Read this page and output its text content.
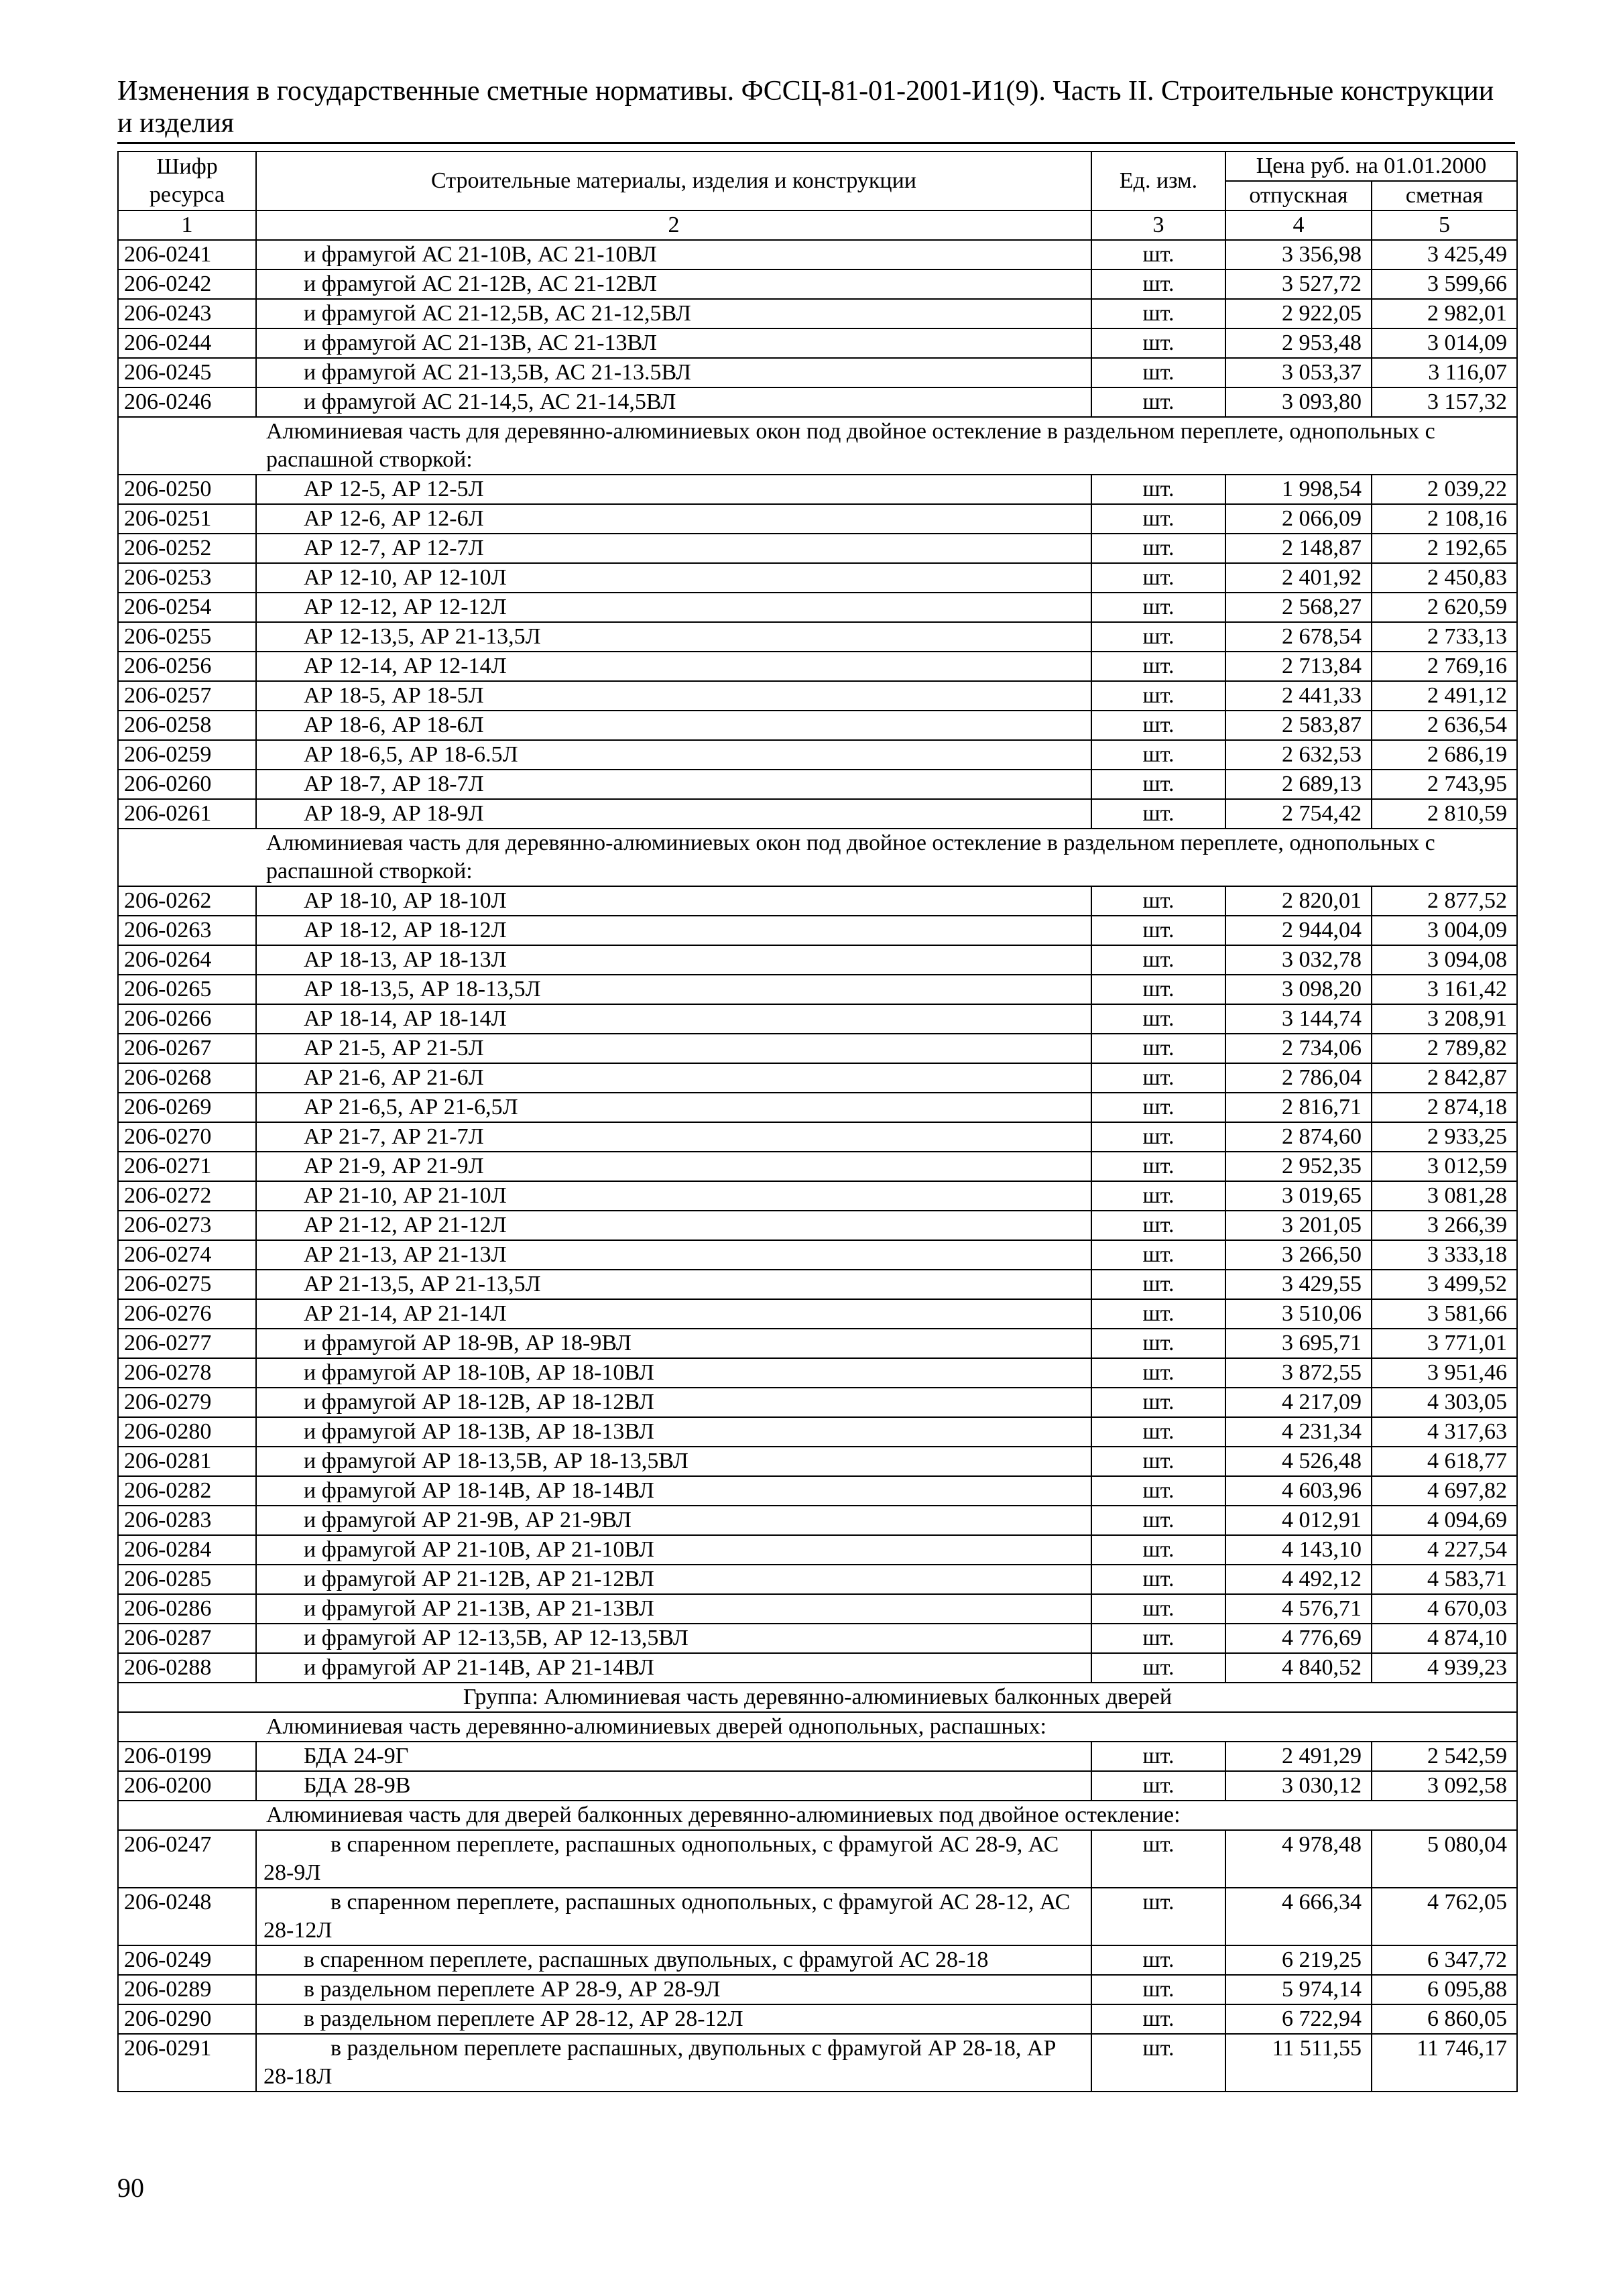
Изменения в государственные сметные нормативы. ФССЦ-81-01-2001-И1(9). Часть II. Строительные конструкции и изделия
Шифр ресурса	Строительные материалы, изделия и конструкции	Ед. изм.	Цена руб. на 01.01.2000	
			отпускная	сметная
1	2	3	4	5
206-0241	и фрамугой АС 21-10В, АС 21-10ВЛ	шт.	3 356,98	3 425,49
206-0242	и фрамугой АС 21-12В, АС 21-12ВЛ	шт.	3 527,72	3 599,66
206-0243	и фрамугой АС 21-12,5В, АС 21-12,5ВЛ	шт.	2 922,05	2 982,01
206-0244	и фрамугой АС 21-13В, АС 21-13ВЛ	шт.	2 953,48	3 014,09
206-0245	и фрамугой АС 21-13,5В, АС 21-13.5ВЛ	шт.	3 053,37	3 116,07
206-0246	и фрамугой АС 21-14,5, АС 21-14,5ВЛ	шт.	3 093,80	3 157,32
Алюминиевая часть для деревянно-алюминиевых окон под двойное остекление в раздельном переплете, однопольных с распашной створкой:				
206-0250	АР 12-5, АР 12-5Л	шт.	1 998,54	2 039,22
206-0251	АР 12-6, АР 12-6Л	шт.	2 066,09	2 108,16
206-0252	АР 12-7, АР 12-7Л	шт.	2 148,87	2 192,65
206-0253	АР 12-10, АР 12-10Л	шт.	2 401,92	2 450,83
206-0254	АР 12-12, АР 12-12Л	шт.	2 568,27	2 620,59
206-0255	АР 12-13,5, АР 21-13,5Л	шт.	2 678,54	2 733,13
206-0256	АР 12-14, АР 12-14Л	шт.	2 713,84	2 769,16
206-0257	АР 18-5, АР 18-5Л	шт.	2 441,33	2 491,12
206-0258	АР 18-6, АР 18-6Л	шт.	2 583,87	2 636,54
206-0259	АР 18-6,5, АР 18-6.5Л	шт.	2 632,53	2 686,19
206-0260	АР 18-7, АР 18-7Л	шт.	2 689,13	2 743,95
206-0261	АР 18-9, АР 18-9Л	шт.	2 754,42	2 810,59
Алюминиевая часть для деревянно-алюминиевых окон под двойное остекление в раздельном переплете, однопольных с распашной створкой:				
206-0262	АР 18-10, АР 18-10Л	шт.	2 820,01	2 877,52
206-0263	АР 18-12, АР 18-12Л	шт.	2 944,04	3 004,09
206-0264	АР 18-13, АР 18-13Л	шт.	3 032,78	3 094,08
206-0265	АР 18-13,5, АР 18-13,5Л	шт.	3 098,20	3 161,42
206-0266	АР 18-14, АР 18-14Л	шт.	3 144,74	3 208,91
206-0267	АР 21-5, АР 21-5Л	шт.	2 734,06	2 789,82
206-0268	АР 21-6, АР 21-6Л	шт.	2 786,04	2 842,87
206-0269	АР 21-6,5, АР 21-6,5Л	шт.	2 816,71	2 874,18
206-0270	АР 21-7, АР 21-7Л	шт.	2 874,60	2 933,25
206-0271	АР 21-9, АР 21-9Л	шт.	2 952,35	3 012,59
206-0272	АР 21-10, АР 21-10Л	шт.	3 019,65	3 081,28
206-0273	АР 21-12, АР 21-12Л	шт.	3 201,05	3 266,39
206-0274	АР 21-13, АР 21-13Л	шт.	3 266,50	3 333,18
206-0275	АР 21-13,5, АР 21-13,5Л	шт.	3 429,55	3 499,52
206-0276	АР 21-14, АР 21-14Л	шт.	3 510,06	3 581,66
206-0277	и фрамугой АР 18-9В, АР 18-9ВЛ	шт.	3 695,71	3 771,01
206-0278	и фрамугой АР 18-10В, АР 18-10ВЛ	шт.	3 872,55	3 951,46
206-0279	и фрамугой АР 18-12В, АР 18-12ВЛ	шт.	4 217,09	4 303,05
206-0280	и фрамугой АР 18-13В, АР 18-13ВЛ	шт.	4 231,34	4 317,63
206-0281	и фрамугой АР 18-13,5В, АР 18-13,5ВЛ	шт.	4 526,48	4 618,77
206-0282	и фрамугой АР 18-14В, АР 18-14ВЛ	шт.	4 603,96	4 697,82
206-0283	и фрамугой АР 21-9В, АР 21-9ВЛ	шт.	4 012,91	4 094,69
206-0284	и фрамугой АР 21-10В, АР 21-10ВЛ	шт.	4 143,10	4 227,54
206-0285	и фрамугой АР 21-12В, АР 21-12ВЛ	шт.	4 492,12	4 583,71
206-0286	и фрамугой АР 21-13В, АР 21-13ВЛ	шт.	4 576,71	4 670,03
206-0287	и фрамугой АР 12-13,5В, АР 12-13,5ВЛ	шт.	4 776,69	4 874,10
206-0288	и фрамугой АР 21-14В, АР 21-14ВЛ	шт.	4 840,52	4 939,23
Группа: Алюминиевая часть деревянно-алюминиевых балконных дверей				
Алюминиевая часть деревянно-алюминиевых дверей однопольных, распашных:				
206-0199	БДА 24-9Г	шт.	2 491,29	2 542,59
206-0200	БДА 28-9В	шт.	3 030,12	3 092,58
Алюминиевая часть для дверей балконных деревянно-алюминиевых под двойное остекление:				
206-0247	в спаренном переплете, распашных однопольных, с фрамугой АС 28-9, АС 28-9Л	шт.	4 978,48	5 080,04
206-0248	в спаренном переплете, распашных однопольных, с фрамугой АС 28-12, АС 28-12Л	шт.	4 666,34	4 762,05
206-0249	в спаренном переплете, распашных двупольных, с фрамугой АС 28-18	шт.	6 219,25	6 347,72
206-0289	в раздельном переплете АР 28-9, АР 28-9Л	шт.	5 974,14	6 095,88
206-0290	в раздельном переплете АР 28-12, АР 28-12Л	шт.	6 722,94	6 860,05
206-0291	в раздельном переплете распашных, двупольных с фрамугой АР 28-18, АР 28-18Л	шт.	11 511,55	11 746,17
90
